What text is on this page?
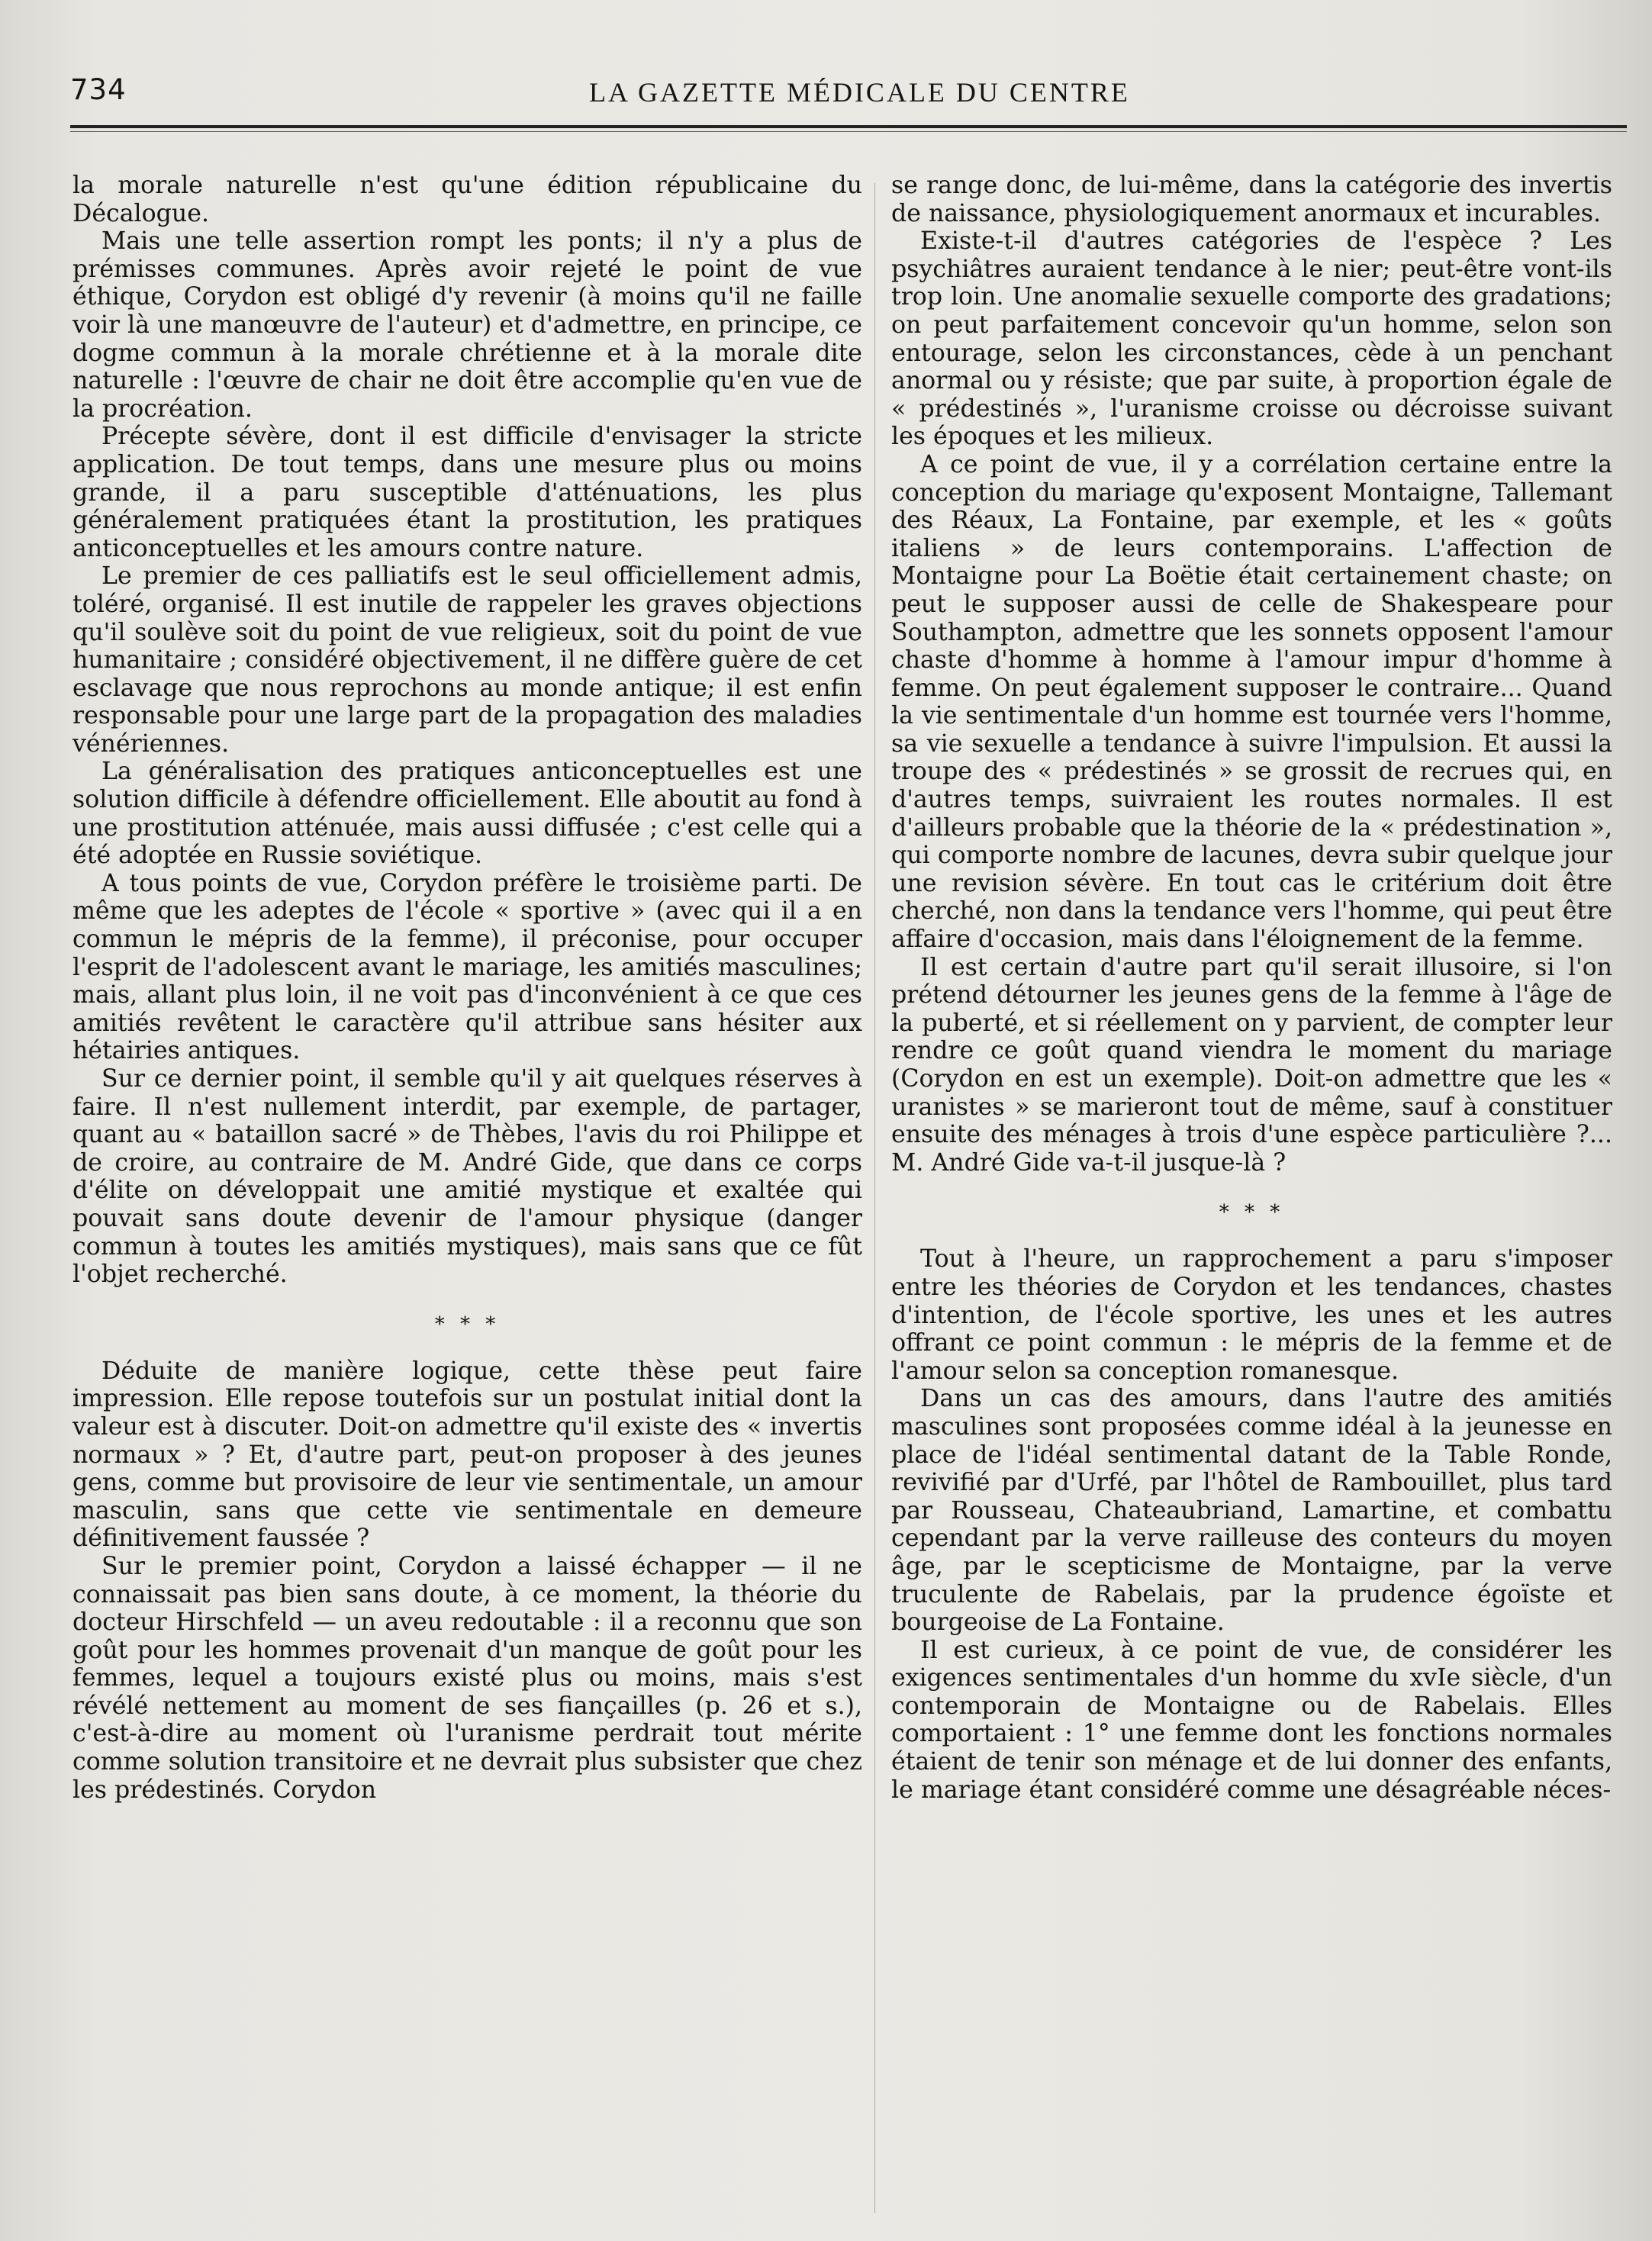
734	LA GAZETTE MÉDICALE DU CENTRE

la morale naturelle n'est qu'une édition républicaine du Décalogue.

Mais une telle assertion rompt les ponts; il n'y a plus de prémisses communes. Après avoir rejeté le point de vue éthique, Corydon est obligé d'y revenir (à moins qu'il ne faille voir là une manœuvre de l'auteur) et d'admettre, en principe, ce dogme commun à la morale chrétienne et à la morale dite naturelle : l'œuvre de chair ne doit être accomplie qu'en vue de la procréation.

Précepte sévère, dont il est difficile d'envisager la stricte application. De tout temps, dans une mesure plus ou moins grande, il a paru susceptible d'atténuations, les plus généralement pratiquées étant la prostitution, les pratiques anticonceptuelles et les amours contre nature.

Le premier de ces palliatifs est le seul officiellement admis, toléré, organisé. Il est inutile de rappeler les graves objections qu'il soulève soit du point de vue religieux, soit du point de vue humanitaire ; considéré objectivement, il ne diffère guère de cet esclavage que nous reprochons au monde antique; il est enfin responsable pour une large part de la propagation des maladies vénériennes.

La généralisation des pratiques anticonceptuelles est une solution difficile à défendre officiellement. Elle aboutit au fond à une prostitution atténuée, mais aussi diffusée ; c'est celle qui a été adoptée en Russie soviétique.

A tous points de vue, Corydon préfère le troisième parti. De même que les adeptes de l'école « sportive » (avec qui il a en commun le mépris de la femme), il préconise, pour occuper l'esprit de l'adolescent avant le mariage, les amitiés masculines; mais, allant plus loin, il ne voit pas d'inconvénient à ce que ces amitiés revêtent le caractère qu'il attribue sans hésiter aux hétairies antiques.

Sur ce dernier point, il semble qu'il y ait quelques réserves à faire. Il n'est nullement interdit, par exemple, de partager, quant au « bataillon sacré » de Thèbes, l'avis du roi Philippe et de croire, au contraire de M. André Gide, que dans ce corps d'élite on développait une amitié mystique et exaltée qui pouvait sans doute devenir de l'amour physique (danger commun à toutes les amitiés mystiques), mais sans que ce fût l'objet recherché.

* * *

Déduite de manière logique, cette thèse peut faire impression. Elle repose toutefois sur un postulat initial dont la valeur est à discuter. Doit-on admettre qu'il existe des « invertis normaux » ? Et, d'autre part, peut-on proposer à des jeunes gens, comme but provisoire de leur vie sentimentale, un amour masculin, sans que cette vie sentimentale en demeure définitivement faussée ?

Sur le premier point, Corydon a laissé échapper — il ne connaissait pas bien sans doute, à ce moment, la théorie du docteur Hirschfeld — un aveu redoutable : il a reconnu que son goût pour les hommes provenait d'un manque de goût pour les femmes, lequel a toujours existé plus ou moins, mais s'est révélé nettement au moment de ses fiançailles (p. 26 et s.), c'est-à-dire au moment où l'uranisme perdrait tout mérite comme solution transitoire et ne devrait plus subsister que chez les prédestinés. Corydon

se range donc, de lui-même, dans la catégorie des invertis de naissance, physiologiquement anormaux et incurables.

Existe-t-il d'autres catégories de l'espèce ? Les psychiâtres auraient tendance à le nier; peut-être vont-ils trop loin. Une anomalie sexuelle comporte des gradations; on peut parfaitement concevoir qu'un homme, selon son entourage, selon les circonstances, cède à un penchant anormal ou y résiste; que par suite, à proportion égale de « prédestinés », l'uranisme croisse ou décroisse suivant les époques et les milieux.

A ce point de vue, il y a corrélation certaine entre la conception du mariage qu'exposent Montaigne, Tallemant des Réaux, La Fontaine, par exemple, et les « goûts italiens » de leurs contemporains. L'affection de Montaigne pour La Boëtie était certainement chaste; on peut le supposer aussi de celle de Shakespeare pour Southampton, admettre que les sonnets opposent l'amour chaste d'homme à homme à l'amour impur d'homme à femme. On peut également supposer le contraire... Quand la vie sentimentale d'un homme est tournée vers l'homme, sa vie sexuelle a tendance à suivre l'impulsion. Et aussi la troupe des « prédestinés » se grossit de recrues qui, en d'autres temps, suivraient les routes normales. Il est d'ailleurs probable que la théorie de la « prédestination », qui comporte nombre de lacunes, devra subir quelque jour une revision sévère. En tout cas le critérium doit être cherché, non dans la tendance vers l'homme, qui peut être affaire d'occasion, mais dans l'éloignement de la femme.

Il est certain d'autre part qu'il serait illusoire, si l'on prétend détourner les jeunes gens de la femme à l'âge de la puberté, et si réellement on y parvient, de compter leur rendre ce goût quand viendra le moment du mariage (Corydon en est un exemple). Doit-on admettre que les « uranistes » se marieront tout de même, sauf à constituer ensuite des ménages à trois d'une espèce particulière ?... M. André Gide va-t-il jusque-là ?

* * *

Tout à l'heure, un rapprochement a paru s'imposer entre les théories de Corydon et les tendances, chastes d'intention, de l'école sportive, les unes et les autres offrant ce point commun : le mépris de la femme et de l'amour selon sa conception romanesque.

Dans un cas des amours, dans l'autre des amitiés masculines sont proposées comme idéal à la jeunesse en place de l'idéal sentimental datant de la Table Ronde, revivifié par d'Urfé, par l'hôtel de Rambouillet, plus tard par Rousseau, Chateaubriand, Lamartine, et combattu cependant par la verve railleuse des conteurs du moyen âge, par le scepticisme de Montaigne, par la verve truculente de Rabelais, par la prudence égoïste et bourgeoise de La Fontaine.

Il est curieux, à ce point de vue, de considérer les exigences sentimentales d'un homme du xvIe siècle, d'un contemporain de Montaigne ou de Rabelais. Elles comportaient : 1° une femme dont les fonctions normales étaient de tenir son ménage et de lui donner des enfants, le mariage étant considéré comme une désagréable néces-
